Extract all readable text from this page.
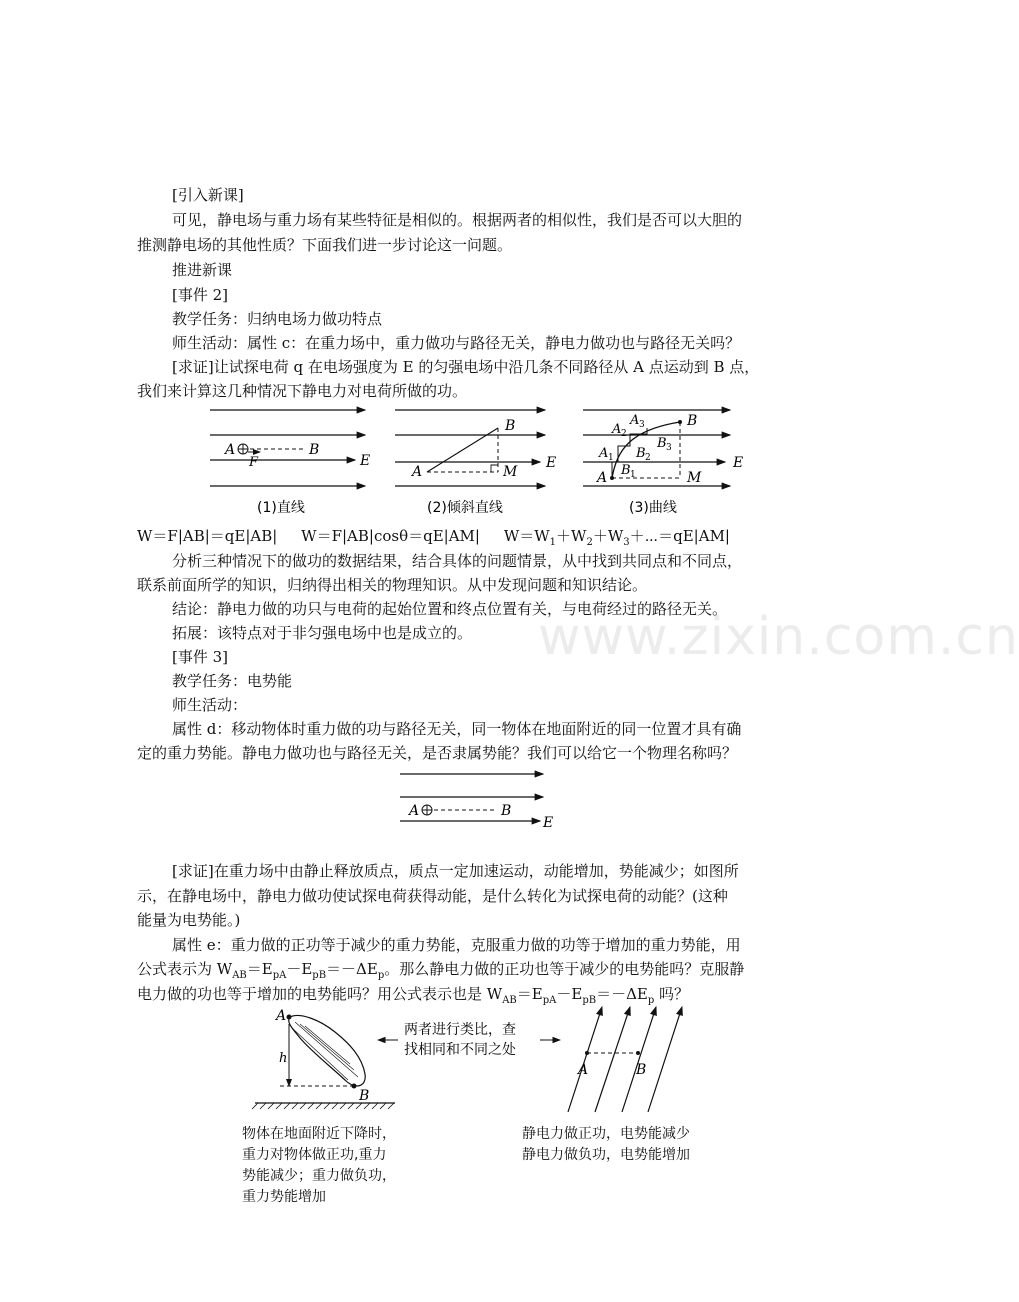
www.zixin.com.cn
[引入新课]
可见，静电场与重力场有某些特征是相似的。根据两者的相似性，我们是否可以大胆的
推测静电场的其他性质？下面我们进一步讨论这一问题。
推进新课
[事件 2]
教学任务：归纳电场力做功特点
师生活动：属性 c：在重力场中，重力做功与路径无关，静电力做功也与路径无关吗？
[求证]让试探电荷 q 在电场强度为 E 的匀强电场中沿几条不同路径从 A 点运动到 B 点，
我们来计算这几种情况下静电力对电荷所做的功。
A	B
F	E
A
B
M
E
A
B
M
E
A 1
A 2
A 3
B 1
B 2
B 3
(1)直线	(2)倾斜直线	(3)曲线
W＝F|AB|＝qE|AB| W＝F|AB|cosθ＝qE|AM| $W=W_1+W_2+W_3+\cdots=qE|AM|$
分析三种情况下的做功的数据结果，结合具体的问题情景，从中找到共同点和不同点，
联系前面所学的知识，归纳得出相关的物理知识。从中发现问题和知识结论。
结论：静电力做的功只与电荷的起始位置和终点位置有关，与电荷经过的路径无关。
拓展：该特点对于非匀强电场中也是成立的。
[事件 3]
教学任务：电势能
师生活动：
属性 d：移动物体时重力做的功与路径无关，同一物体在地面附近的同一位置才具有确
定的重力势能。静电力做功也与路径无关，是否隶属势能？我们可以给它一个物理名称吗？
A	B
E
[求证]在重力场中由静止释放质点，质点一定加速运动，动能增加，势能减少；如图所
示，在静电场中，静电力做功使试探电荷获得动能，是什么转化为试探电荷的动能？(这种
能量为电势能。)
属性 e：重力做的正功等于减少的重力势能，克服重力做的功等于增加的重力势能，用
公式表示为 $W_{AB}=E_{pA}-E_{pB}=-\Delta E_p$。那么静电力做的正功也等于减少的电势能吗？克服静
电力做的功也等于增加的电势能吗？用公式表示也是 $W_{AB}=E_{pA}-E_{pB}=-\Delta E_p$ 吗？
A
h
B
两者进行类比，查
找相同和不同之处
A	B
物体在地面附近下降时，
重力对物体做正功,重力
势能减少；重力做负功，
重力势能增加
静电力做正功，电势能减少
静电力做负功，电势能增加
